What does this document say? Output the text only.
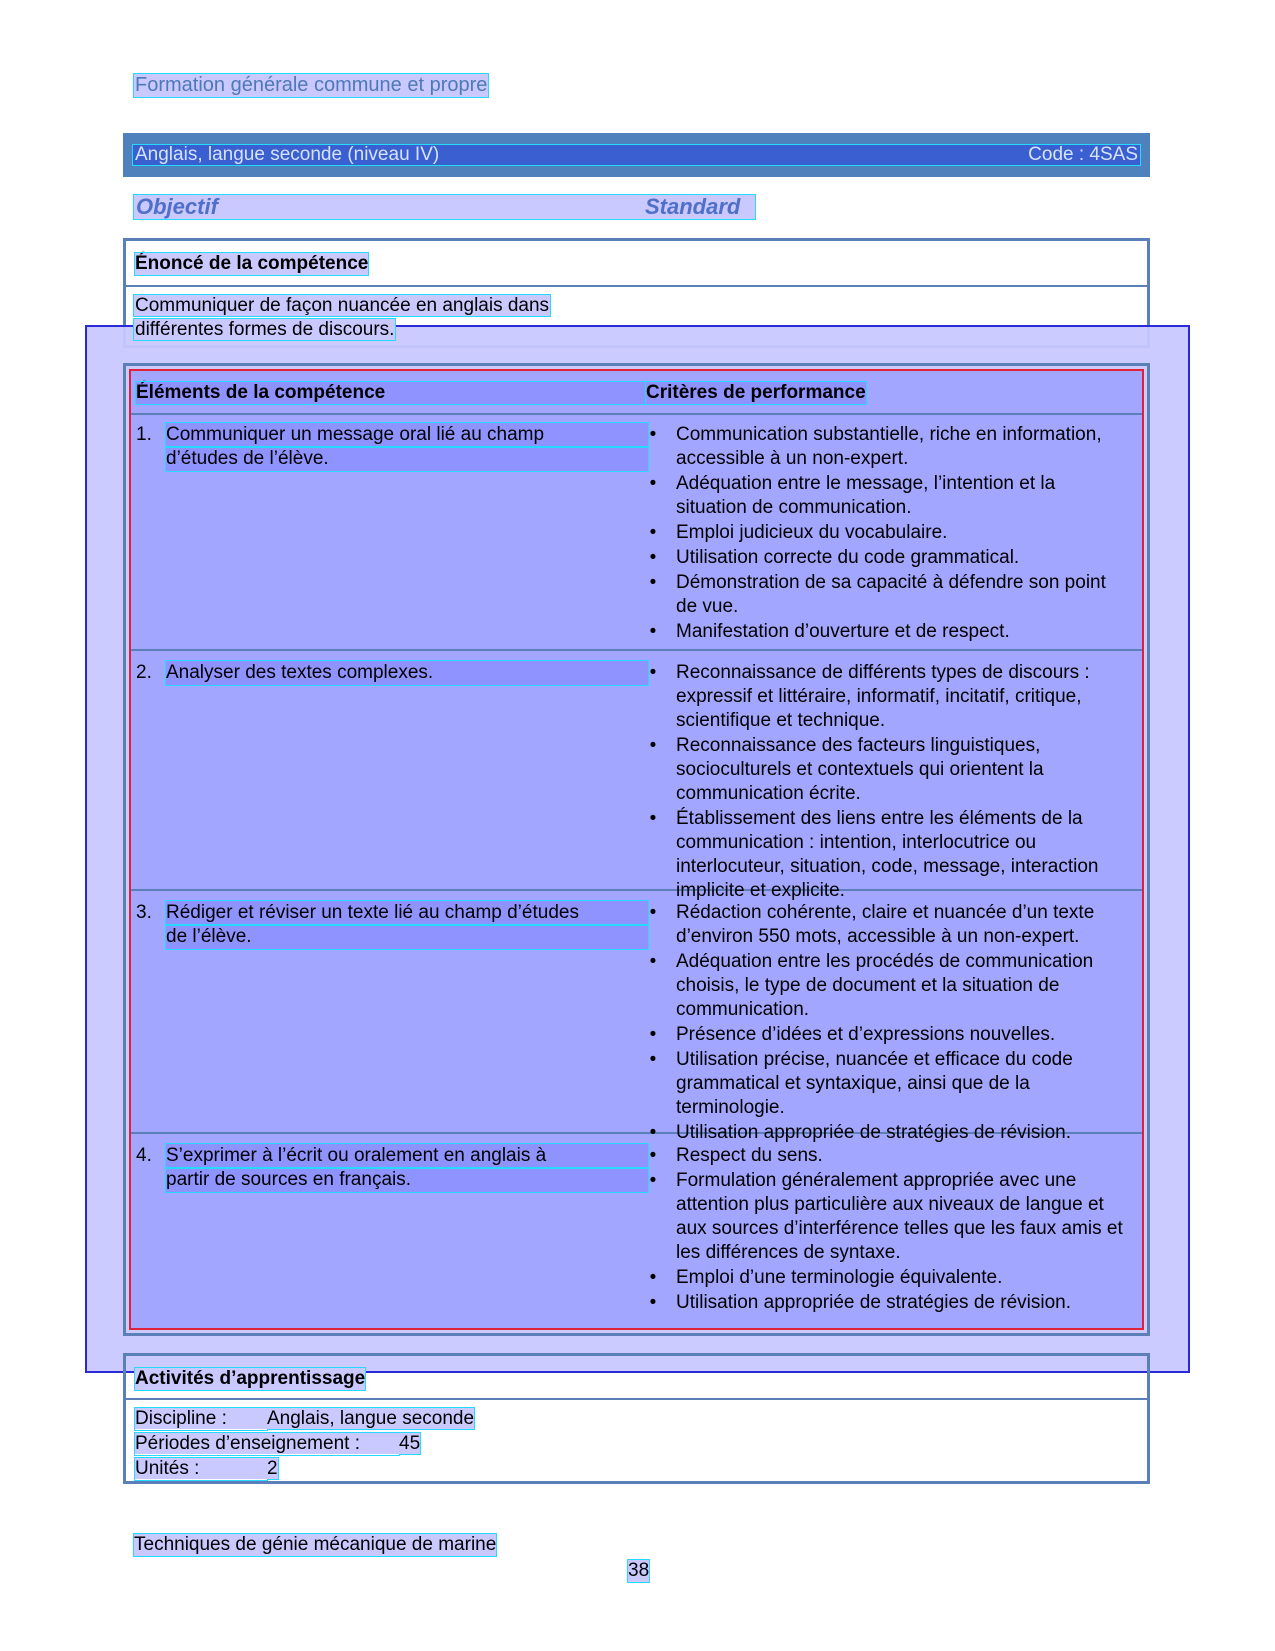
Formation générale commune et propre
Anglais, langue seconde (niveau IV)	Code : 4SAS
Objectif	Standard
Énoncé de la compétence
Communiquer de façon nuancée en anglais dans
différentes formes de discours.
Éléments de la compétence	Critères de performance
1. Communiquer un message oral lié au champ
d’études de l’élève.
• Communication substantielle, riche en information, accessible à un non-expert.
• Adéquation entre le message, l’intention et la situation de communication.
• Emploi judicieux du vocabulaire.
• Utilisation correcte du code grammatical.
• Démonstration de sa capacité à défendre son point de vue.
• Manifestation d’ouverture et de respect.
2. Analyser des textes complexes.	• Reconnaissance de différents types de discours : expressif et littéraire, informatif, incitatif, critique, scientifique et technique.
• Reconnaissance des facteurs linguistiques, socioculturels et contextuels qui orientent la communication écrite.
• Établissement des liens entre les éléments de la communication : intention, interlocutrice ou interlocuteur, situation, code, message, interaction implicite et explicite.
3. Rédiger et réviser un texte lié au champ d’études
de l’élève.
• Rédaction cohérente, claire et nuancée d’un texte d’environ 550 mots, accessible à un non-expert.
• Adéquation entre les procédés de communication choisis, le type de document et la situation de communication.
• Présence d’idées et d’expressions nouvelles.
• Utilisation précise, nuancée et efficace du code grammatical et syntaxique, ainsi que de la terminologie.
• Utilisation appropriée de stratégies de révision.
4. S’exprimer à l’écrit ou oralement en anglais à
partir de sources en français.
• Respect du sens.
• Formulation généralement appropriée avec une attention plus particulière aux niveaux de langue et aux sources d’interférence telles que les faux amis et les différences de syntaxe.
• Emploi d’une terminologie équivalente.
• Utilisation appropriée de stratégies de révision.
Activités d’apprentissage
Discipline : Anglais, langue seconde
Périodes d’enseignement : 45
Unités :	2
Techniques de génie mécanique de marine
38
